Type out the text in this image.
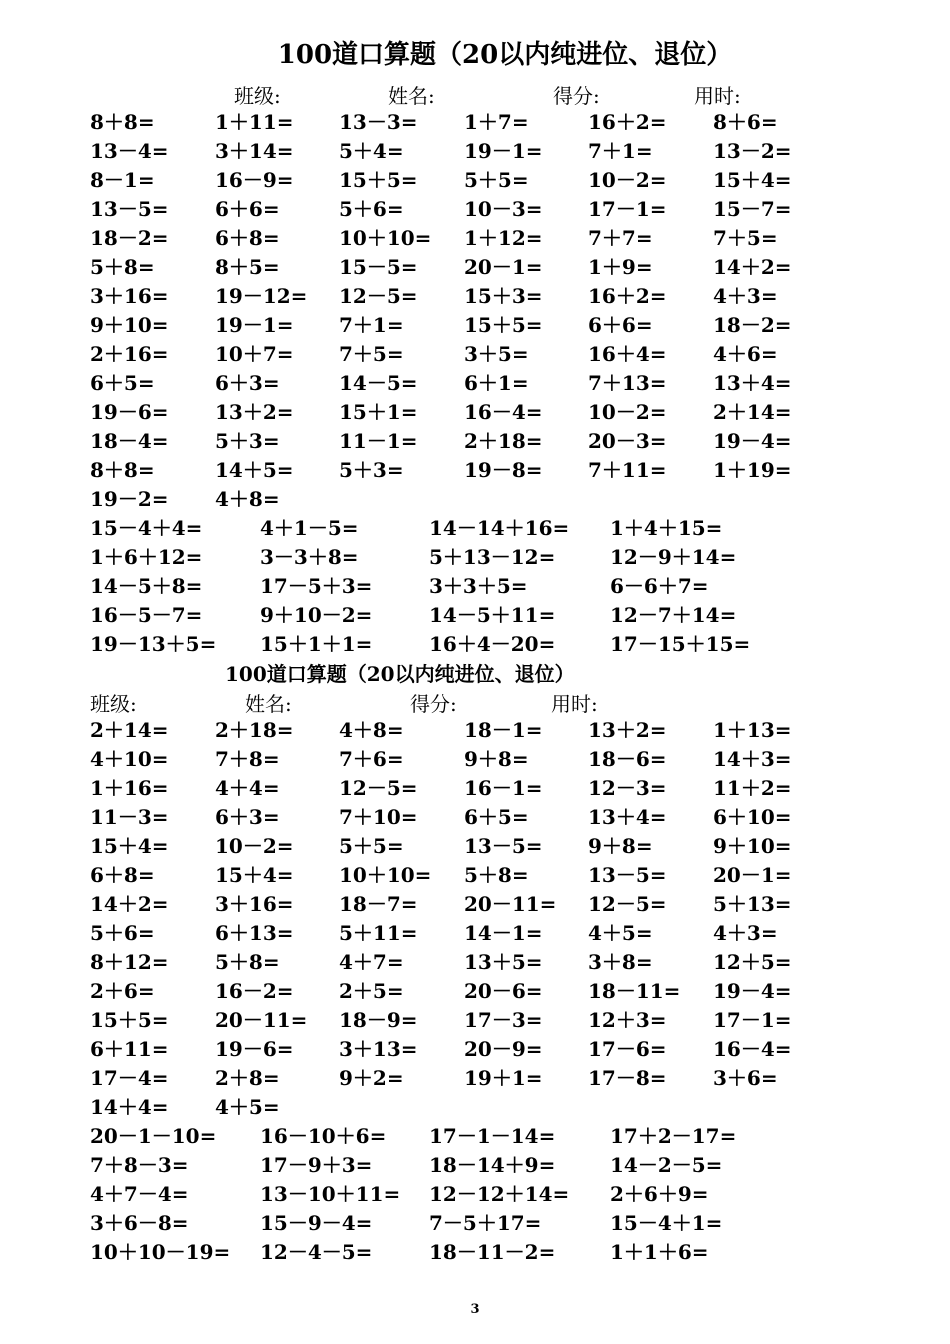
100道口算题（20以内纯进位、退位）
班级:	姓名:	得分:	用时:
8＋8=	1＋11= 13－3= 1＋7=	16＋2= 8＋6=
13－4= 3＋14= 5＋4=	19－1= 7＋1=	13－2=
8－1=	16－9= 15＋5= 5＋5=	10－2= 15＋4=
13－5= 6＋6=	5＋6=	10－3= 17－1= 15－7=
18－2= 6＋8=	10＋10= 1＋12= 7＋7=	7＋5=
5＋8=	8＋5=	15－5= 20－1= 1＋9=	14＋2=
3＋16= 19－12= 12－5= 15＋3= 16＋2= 4＋3=
9＋10= 19－1= 7＋1=	15＋5= 6＋6=	18－2=
2＋16= 10＋7= 7＋5=	3＋5=	16＋4= 4＋6=
6＋5=	6＋3=	14－5= 6＋1=	7＋13= 13＋4=
19－6= 13＋2= 15＋1= 16－4= 10－2= 2＋14=
18－4= 5＋3=	11－1= 2＋18= 20－3= 19－4=
8＋8=	14＋5= 5＋3=	19－8= 7＋11= 1＋19=
19－2= 4＋8=
15－4＋4=	4＋1－5=	14－14＋16= 1＋4＋15=
1＋6＋12=	3－3＋8=	5＋13－12=	12－9＋14=
14－5＋8=	17－5＋3=	3＋3＋5=	6－6＋7=
16－5－7=	9＋10－2=	14－5＋11=	12－7＋14=
19－13＋5= 15＋1＋1=	16＋4－20=	17－15＋15=
100道口算题（20以内纯进位、退位）
班级:	姓名:	得分:	用时:
2＋14= 2＋18= 4＋8=	18－1= 13＋2= 1＋13=
4＋10= 7＋8=	7＋6=	9＋8=	18－6= 14＋3=
1＋16= 4＋4=	12－5= 16－1= 12－3= 11＋2=
11－3= 6＋3=	7＋10= 6＋5=	13＋4= 6＋10=
15＋4= 10－2= 5＋5=	13－5= 9＋8=	9＋10=
6＋8=	15＋4= 10＋10= 5＋8=	13－5= 20－1=
14＋2= 3＋16= 18－7= 20－11= 12－5= 5＋13=
5＋6=	6＋13= 5＋11= 14－1= 4＋5=	4＋3=
8＋12= 5＋8=	4＋7=	13＋5= 3＋8=	12＋5=
2＋6=	16－2= 2＋5=	20－6= 18－11= 19－4=
15＋5= 20－11= 18－9= 17－3= 12＋3= 17－1=
6＋11= 19－6= 3＋13= 20－9= 17－6= 16－4=
17－4= 2＋8=	9＋2=	19＋1= 17－8= 3＋6=
14＋4= 4＋5=
20－1－10= 16－10＋6= 17－1－14=	17＋2－17=
7＋8－3=	17－9＋3=	18－14＋9=	14－2－5=
4＋7－4=	13－10＋11= 12－12＋14= 2＋6＋9=
3＋6－8=	15－9－4=	7－5＋17=	15－4＋1=
10＋10－19= 12－4－5=	18－11－2=	1＋1＋6=
3
